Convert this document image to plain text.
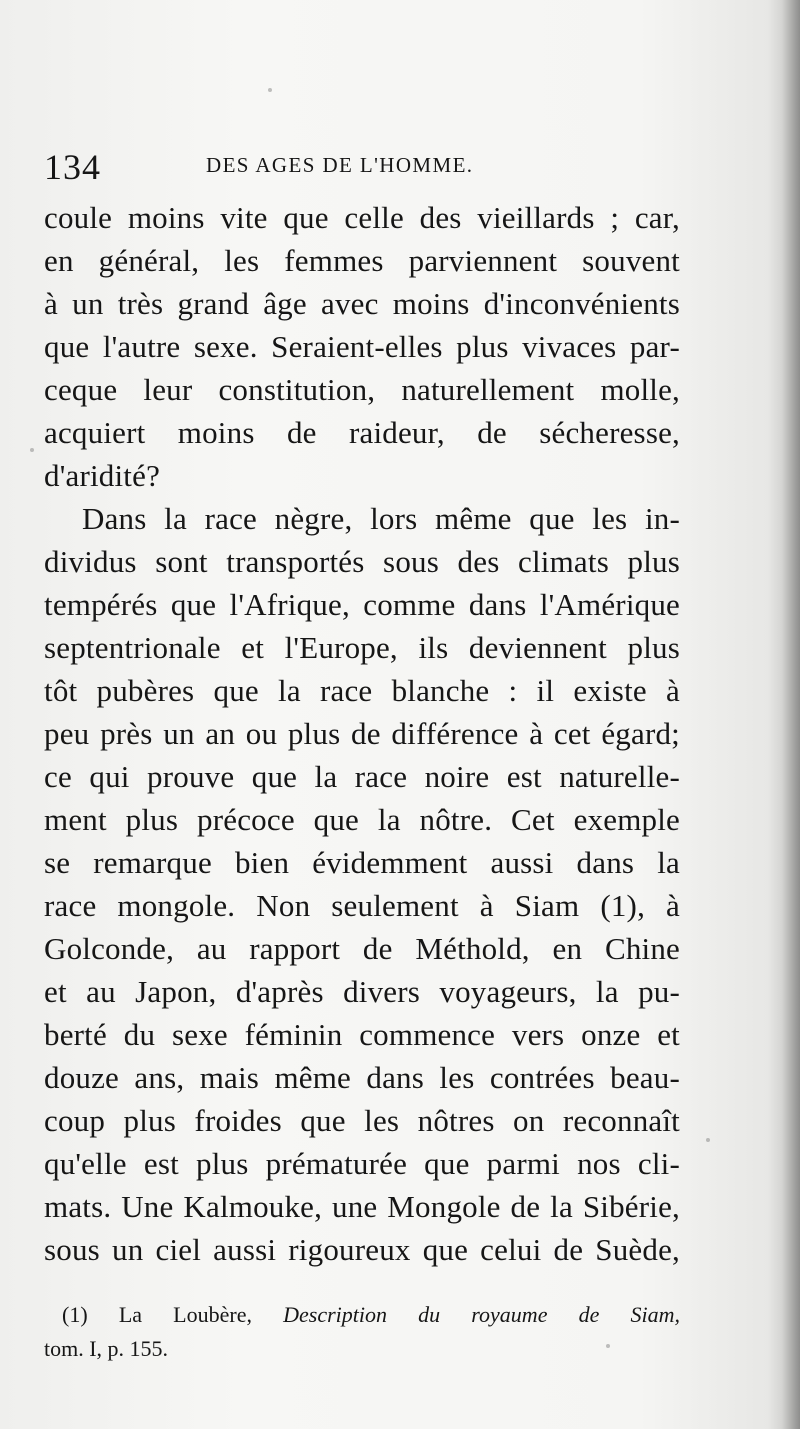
134	DES AGES DE L'HOMME.
coule moins vite que celle des vieillards ; car,
en général, les femmes parviennent souvent
à un très grand âge avec moins d'inconvénients
que l'autre sexe. Seraient-elles plus vivaces par-
ceque leur constitution, naturellement molle,
acquiert moins de raideur, de sécheresse,
d'aridité?
Dans la race nègre, lors même que les in-
dividus sont transportés sous des climats plus
tempérés que l'Afrique, comme dans l'Amérique
septentrionale et l'Europe, ils deviennent plus
tôt pubères que la race blanche : il existe à
peu près un an ou plus de différence à cet égard;
ce qui prouve que la race noire est naturelle-
ment plus précoce que la nôtre. Cet exemple
se remarque bien évidemment aussi dans la
race mongole. Non seulement à Siam (1), à
Golconde, au rapport de Méthold, en Chine
et au Japon, d'après divers voyageurs, la pu-
berté du sexe féminin commence vers onze et
douze ans, mais même dans les contrées beau-
coup plus froides que les nôtres on reconnaît
qu'elle est plus prématurée que parmi nos cli-
mats. Une Kalmouke, une Mongole de la Sibérie,
sous un ciel aussi rigoureux que celui de Suède,
(1) La Loubère, Description du royaume de Siam,
tom. I, p. 155.
